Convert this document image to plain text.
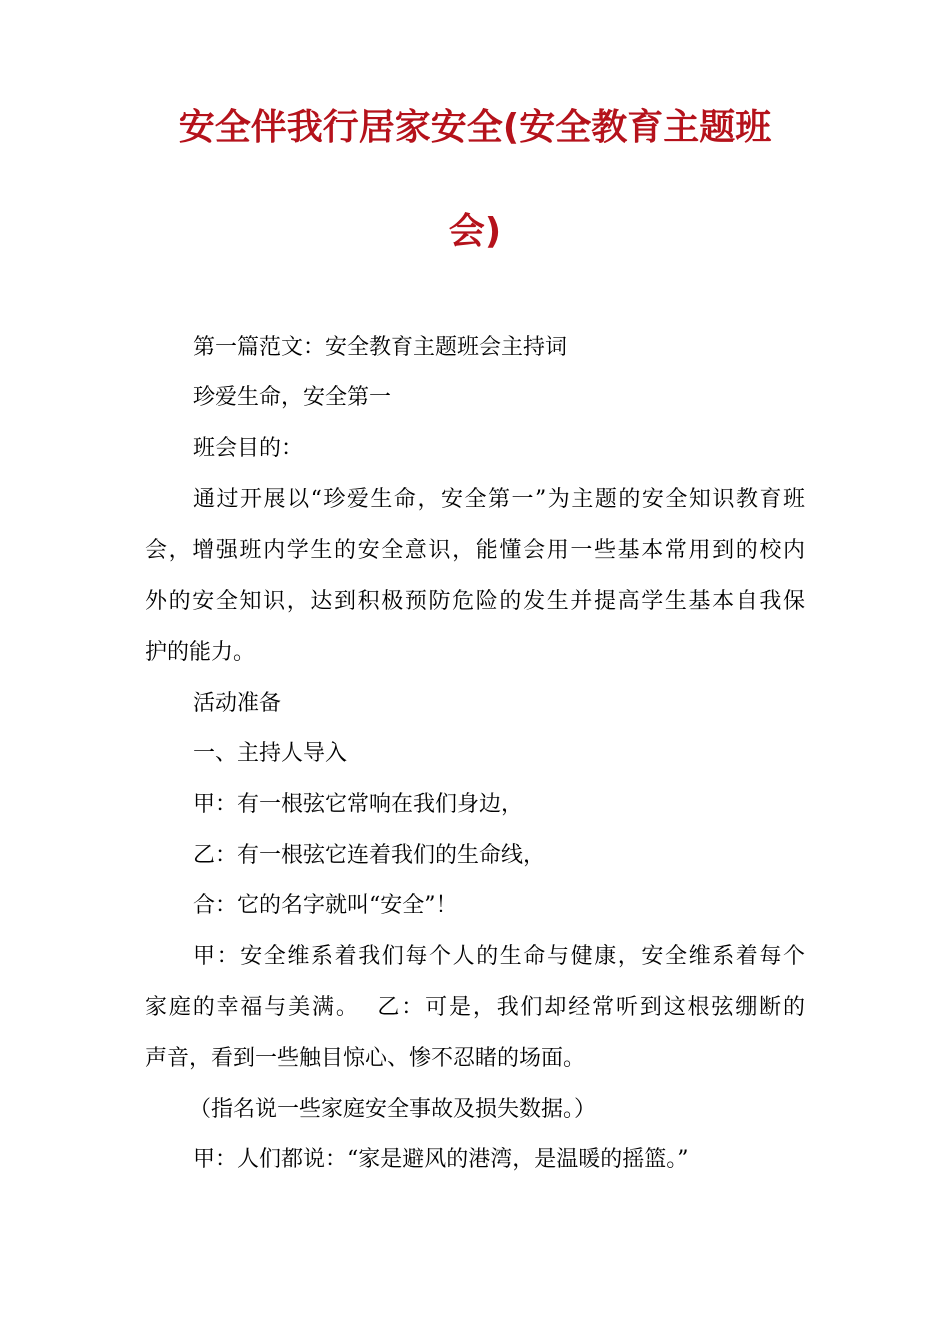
安全伴我行居家安全(安全教育主题班
会)
第一篇范文：安全教育主题班会主持词
珍爱生命，安全第一
班会目的：
通过开展以“珍爱生命，安全第一”为主题的安全知识教育班
会，增强班内学生的安全意识，能懂会用一些基本常用到的校内
外的安全知识，达到积极预防危险的发生并提高学生基本自我保
护的能力。
活动准备
一、主持人导入
甲：有一根弦它常响在我们身边，
乙：有一根弦它连着我们的生命线，
合：它的名字就叫“安全”！
甲：安全维系着我们每个人的生命与健康，安全维系着每个
家庭的幸福与美满。  乙：可是，我们却经常听到这根弦绷断的
声音，看到一些触目惊心、惨不忍睹的场面。
（指名说一些家庭安全事故及损失数据。）
甲：人们都说：“家是避风的港湾，是温暖的摇篮。”
